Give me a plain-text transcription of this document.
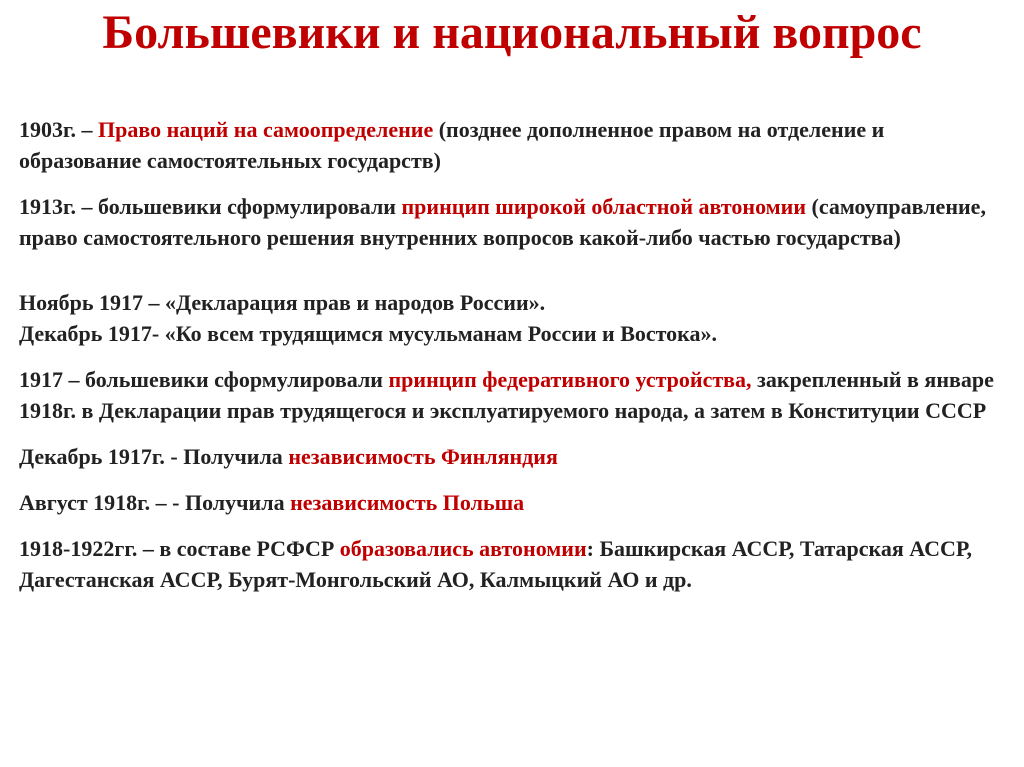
Большевики и национальный вопрос

1903г. – Право наций на самоопределение (позднее дополненное правом на отделение и образование самостоятельных государств)

1913г. – большевики сформулировали принцип широкой областной автономии (самоуправление, право самостоятельного решения внутренних вопросов какой-либо частью государства)

Ноябрь 1917 – «Декларация прав и народов России».
Декабрь 1917- «Ко всем трудящимся мусульманам России и Востока».

1917 – большевики сформулировали принцип федеративного устройства, закрепленный в январе 1918г. в Декларации прав трудящегося и эксплуатируемого народа, а затем в Конституции СССР

Декабрь 1917г. - Получила независимость Финляндия

Август 1918г. – - Получила независимость Польша

1918-1922гг. – в составе РСФСР образовались автономии: Башкирская АССР, Татарская АССР, Дагестанская АССР, Бурят-Монгольский АО, Калмыцкий АО и др.
